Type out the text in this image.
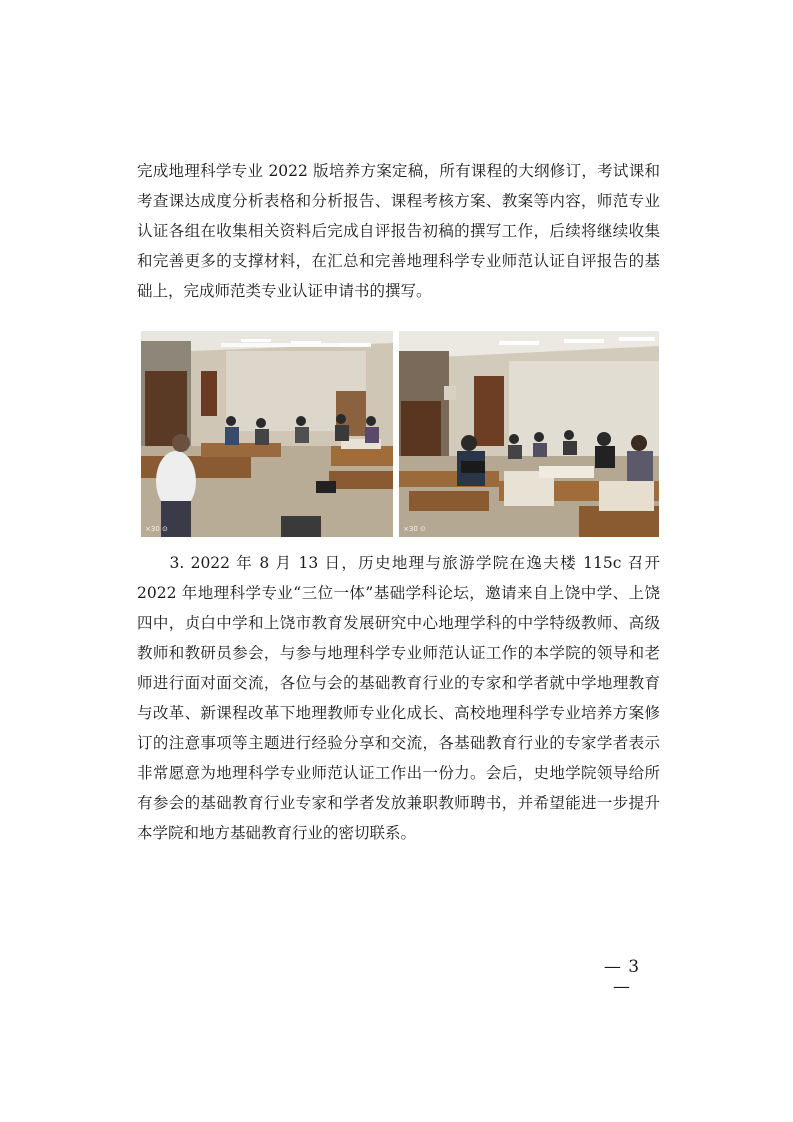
完成地理科学专业 2022 版培养方案定稿，所有课程的大纲修订，考试课和考查课达成度分析表格和分析报告、课程考核方案、教案等内容，师范专业认证各组在收集相关资料后完成自评报告初稿的撰写工作，后续将继续收集和完善更多的支撑材料，在汇总和完善地理科学专业师范认证自评报告的基础上，完成师范类专业认证申请书的撰写。

×30 ⊙	×30 ⊙

3. 2022 年 8 月 13 日，历史地理与旅游学院在逸夫楼 115c 召开 2022 年地理科学专业“三位一体”基础学科论坛，邀请来自上饶中学、上饶四中，贞白中学和上饶市教育发展研究中心地理学科的中学特级教师、高级教师和教研员参会，与参与地理科学专业师范认证工作的本学院的领导和老师进行面对面交流，各位与会的基础教育行业的专家和学者就中学地理教育与改革、新课程改革下地理教师专业化成长、高校地理科学专业培养方案修订的注意事项等主题进行经验分享和交流，各基础教育行业的专家学者表示非常愿意为地理科学专业师范认证工作出一份力。会后，史地学院领导给所有参会的基础教育行业专家和学者发放兼职教师聘书，并希望能进一步提升本学院和地方基础教育行业的密切联系。

— 3 —
